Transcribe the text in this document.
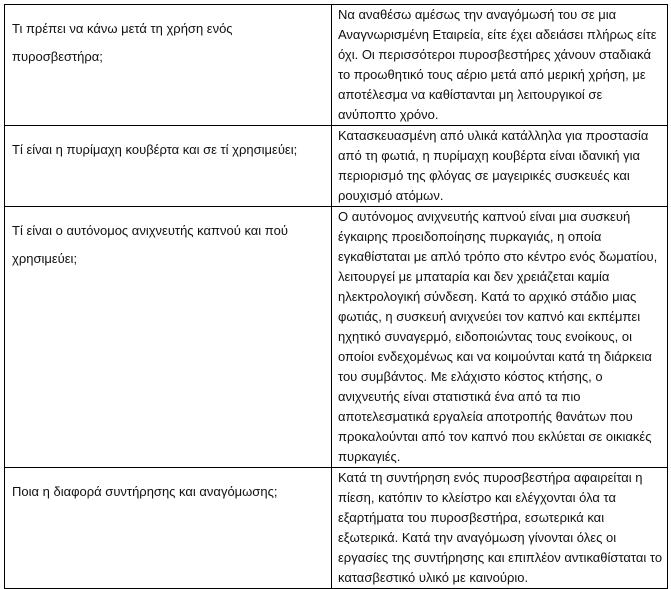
Τι πρέπει να κάνω μετά τη χρήση ενός πυροσβεστήρα;	Να αναθέσω αμέσως την αναγόμωσή του σε μια Αναγνωρισμένη Εταιρεία, είτε έχει αδειάσει πλήρως είτε όχι. Οι περισσότεροι πυροσβεστήρες χάνουν σταδιακά το προωθητικό τους αέριο μετά από μερική χρήση, με αποτέλεσμα να καθίστανται μη λειτουργικοί σε ανύποπτο χρόνο.

Τί είναι η πυρίμαχη κουβέρτα και σε τί χρησιμεύει;	Κατασκευασμένη από υλικά κατάλληλα για προστασία από τη φωτιά, η πυρίμαχη κουβέρτα είναι ιδανική για περιορισμό της φλόγας σε μαγειρικές συσκευές και ρουχισμό ατόμων.

Τί είναι ο αυτόνομος ανιχνευτής καπνού και πού χρησιμεύει;	Ο αυτόνομος ανιχνευτής καπνού είναι μια συσκευή έγκαιρης προειδοποίησης πυρκαγιάς, η οποία εγκαθίσταται με απλό τρόπο στο κέντρο ενός δωματίου, λειτουργεί με μπαταρία και δεν χρειάζεται καμία ηλεκτρολογική σύνδεση. Κατά το αρχικό στάδιο μιας φωτιάς, η συσκευή ανιχνεύει τον καπνό και εκπέμπει ηχητικό συναγερμό, ειδοποιώντας τους ενοίκους, οι οποίοι ενδεχομένως και να κοιμούνται κατά τη διάρκεια του συμβάντος. Με ελάχιστο κόστος κτήσης, ο ανιχνευτής είναι στατιστικά ένα από τα πιο αποτελεσματικά εργαλεία αποτροπής θανάτων που προκαλούνται από τον καπνό που εκλύεται σε οικιακές πυρκαγιές.

Ποια η διαφορά συντήρησης και αναγόμωσης;	Κατά τη συντήρηση ενός πυροσβεστήρα αφαιρείται η πίεση, κατόπιν το κλείστρο και ελέγχονται όλα τα εξαρτήματα του πυροσβεστήρα, εσωτερικά και εξωτερικά. Κατά την αναγόμωση γίνονται όλες οι εργασίες της συντήρησης και επιπλέον αντικαθίσταται το κατασβεστικό υλικό με καινούριο.
